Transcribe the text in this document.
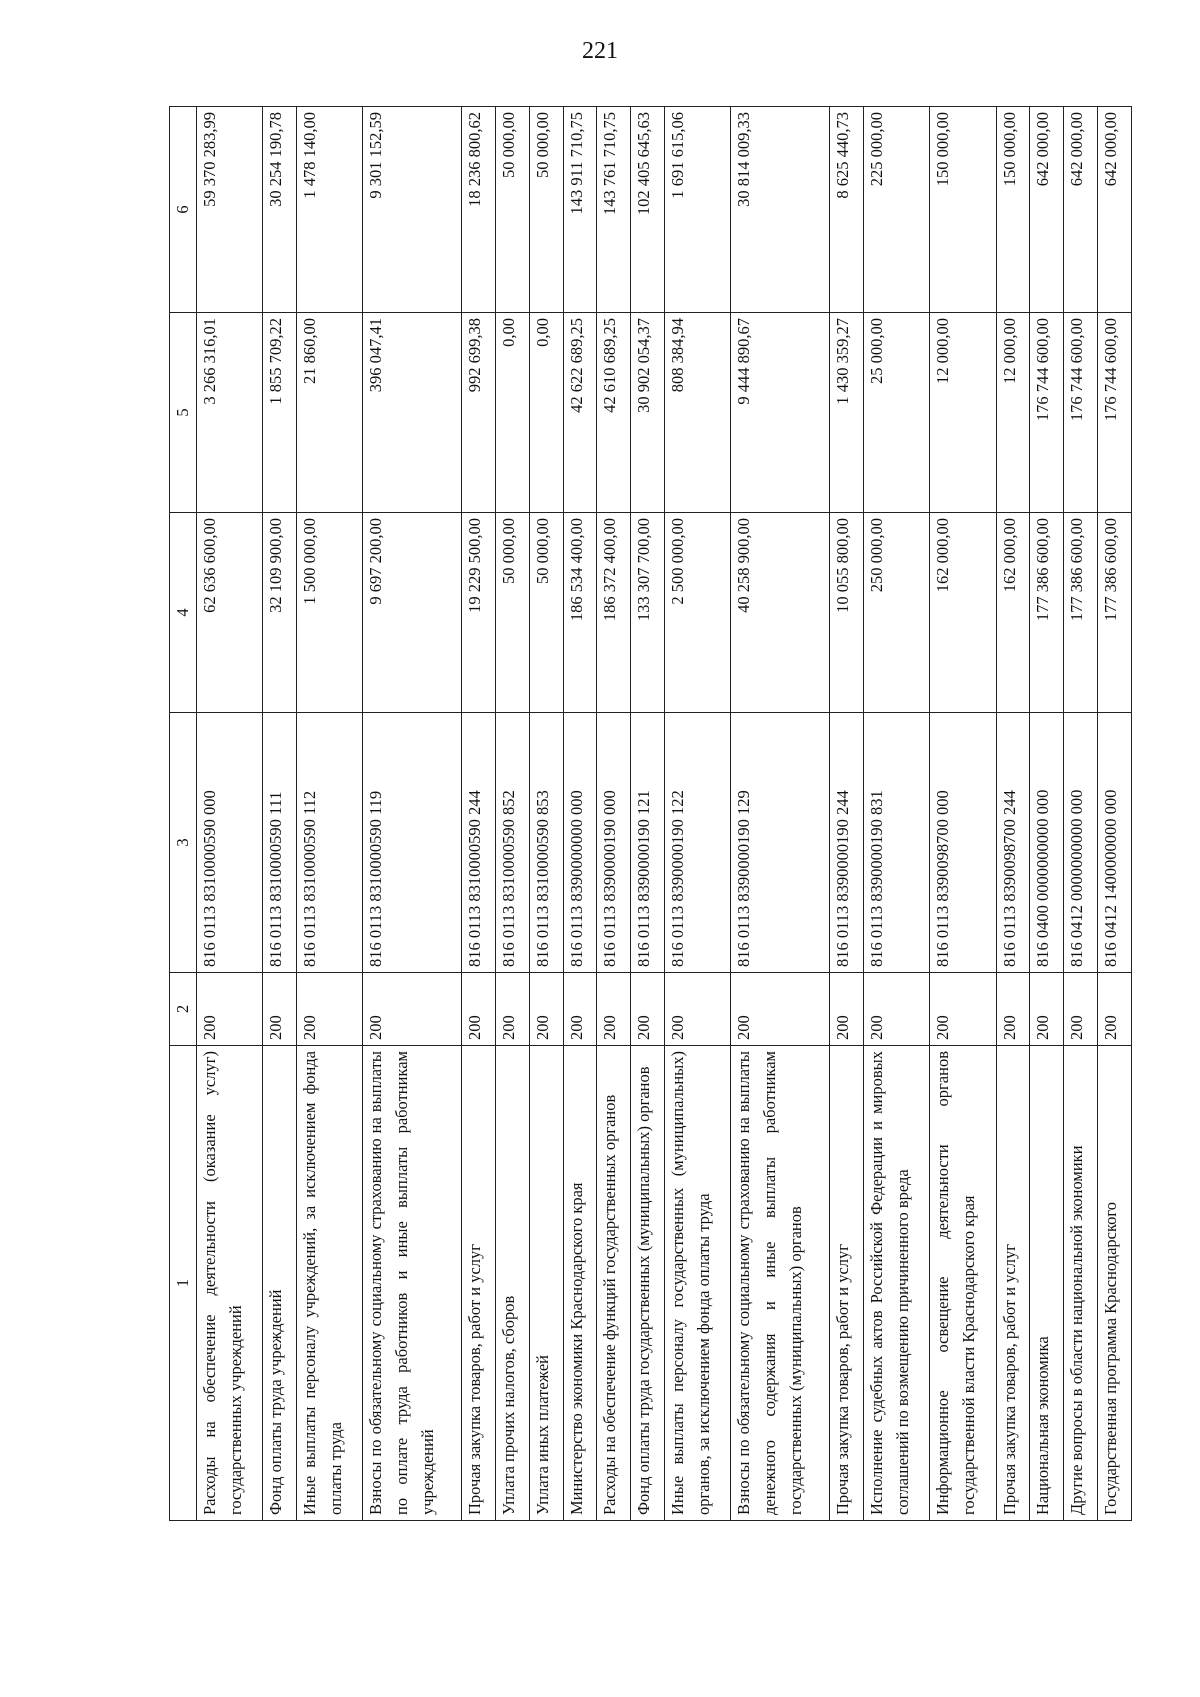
221
1	2	3	4	5	6
Расходы на обеспечение деятельности (оказание услуг) государственных учреждений	200	816 0113 8310000590 000	62 636 600,00	3 266 316,01	59 370 283,99
Фонд оплаты труда учреждений	200	816 0113 8310000590 111	32 109 900,00	1 855 709,22	30 254 190,78
Иные выплаты персоналу учреждений, за исключением фонда оплаты труда	200	816 0113 8310000590 112	1 500 000,00	21 860,00	1 478 140,00
Взносы по обязательному социальному страхованию на выплаты по оплате труда работников и иные выплаты работникам учреждений	200	816 0113 8310000590 119	9 697 200,00	396 047,41	9 301 152,59
Прочая закупка товаров, работ и услуг	200	816 0113 8310000590 244	19 229 500,00	992 699,38	18 236 800,62
Уплата прочих налогов, сборов	200	816 0113 8310000590 852	50 000,00	0,00	50 000,00
Уплата иных платежей	200	816 0113 8310000590 853	50 000,00	0,00	50 000,00
Министерство экономики Краснодарского края	200	816 0113 8390000000 000	186 534 400,00	42 622 689,25	143 911 710,75
Расходы на обеспечение функций государственных органов	200	816 0113 8390000190 000	186 372 400,00	42 610 689,25	143 761 710,75
Фонд оплаты труда государственных (муниципальных) органов	200	816 0113 8390000190 121	133 307 700,00	30 902 054,37	102 405 645,63
Иные выплаты персоналу государственных (муниципальных) органов, за исключением фонда оплаты труда	200	816 0113 8390000190 122	2 500 000,00	808 384,94	1 691 615,06
Взносы по обязательному социальному страхованию на выплаты денежного содержания и иные выплаты работникам государственных (муниципальных) органов	200	816 0113 8390000190 129	40 258 900,00	9 444 890,67	30 814 009,33
Прочая закупка товаров, работ и услуг	200	816 0113 8390000190 244	10 055 800,00	1 430 359,27	8 625 440,73
Исполнение судебных актов Российской Федерации и мировых соглашений по возмещению причиненного вреда	200	816 0113 8390000190 831	250 000,00	25 000,00	225 000,00
Информационное освещение деятельности органов государственной власти Краснодарского края	200	816 0113 8390098700 000	162 000,00	12 000,00	150 000,00
Прочая закупка товаров, работ и услуг	200	816 0113 8390098700 244	162 000,00	12 000,00	150 000,00
Национальная экономика	200	816 0400 0000000000 000	177 386 600,00	176 744 600,00	642 000,00
Другие вопросы в области национальной экономики	200	816 0412 0000000000 000	177 386 600,00	176 744 600,00	642 000,00
Государственная программа Краснодарского	200	816 0412 1400000000 000	177 386 600,00	176 744 600,00	642 000,00
